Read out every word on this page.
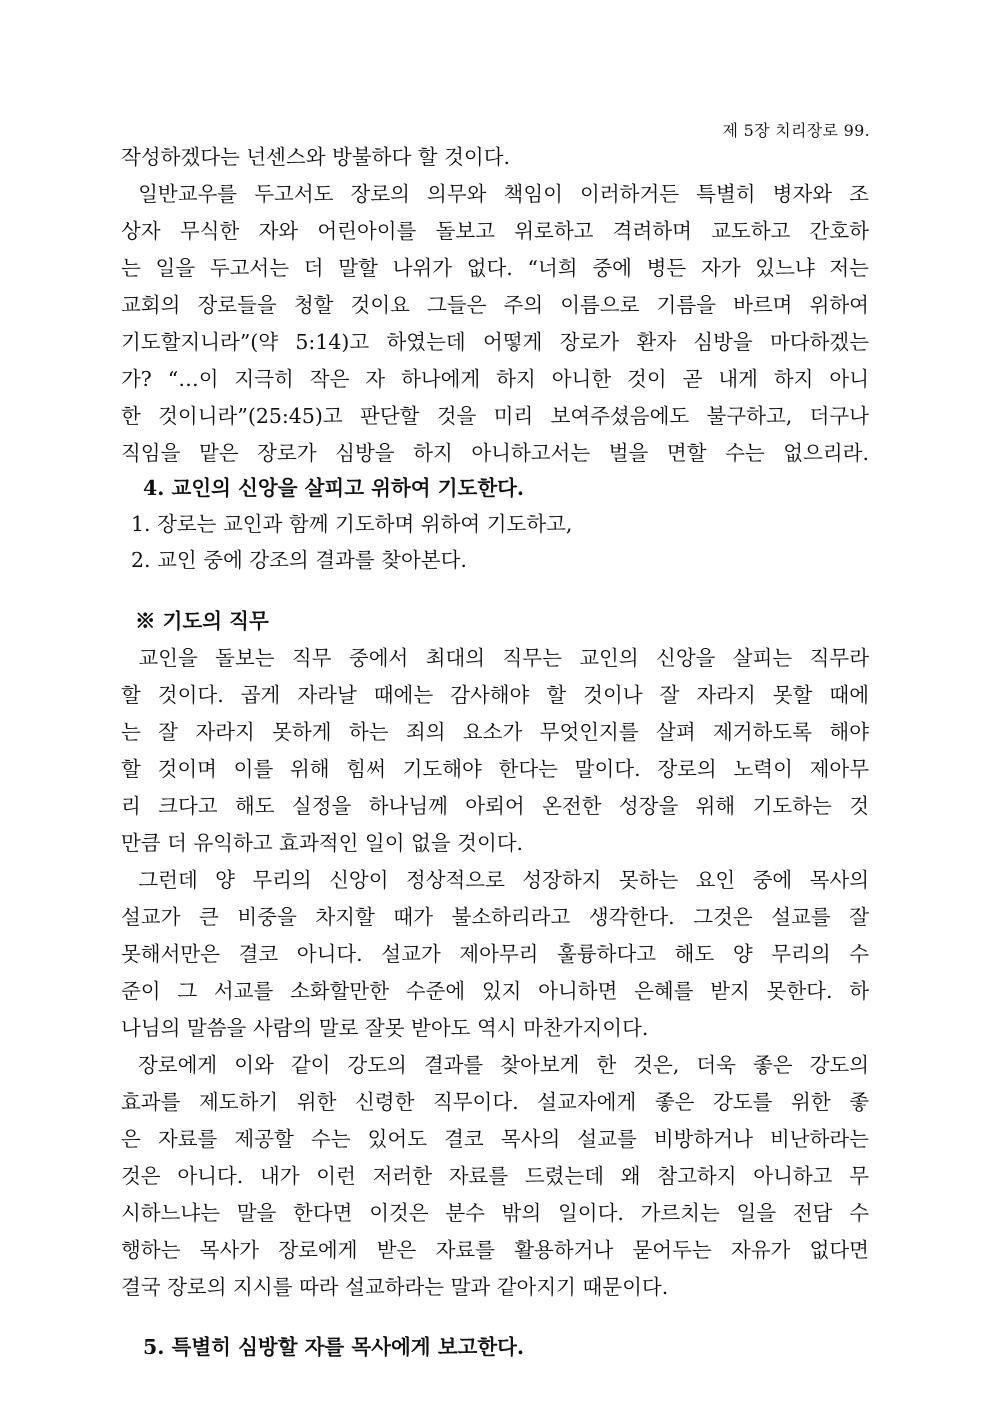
제 5장 치리장로 99.
작성하겠다는 넌센스와 방불하다 할 것이다.
일반교우를 두고서도 장로의 의무와 책임이 이러하거든 특별히 병자와 조
상자 무식한 자와 어린아이를 돌보고 위로하고 격려하며 교도하고 간호하
는 일을 두고서는 더 말할 나위가 없다. “너희 중에 병든 자가 있느냐 저는
교회의 장로들을 청할 것이요 그들은 주의 이름으로 기름을 바르며 위하여
기도할지니라”(약 5:14)고 하였는데 어떻게 장로가 환자 심방을 마다하겠는
가? “…이 지극히 작은 자 하나에게 하지 아니한 것이 곧 내게 하지 아니
한 것이니라”(25:45)고 판단할 것을 미리 보여주셨음에도 불구하고, 더구나
직임을 맡은 장로가 심방을 하지 아니하고서는 벌을 면할 수는 없으리라.
4. 교인의 신앙을 살피고 위하여 기도한다.
1. 장로는 교인과 함께 기도하며 위하여 기도하고,
2. 교인 중에 강조의 결과를 찾아본다.
※ 기도의 직무
교인을 돌보는 직무 중에서 최대의 직무는 교인의 신앙을 살피는 직무라
할 것이다. 곱게 자라날 때에는 감사해야 할 것이나 잘 자라지 못할 때에
는 잘 자라지 못하게 하는 죄의 요소가 무엇인지를 살펴 제거하도록 해야
할 것이며 이를 위해 힘써 기도해야 한다는 말이다. 장로의 노력이 제아무
리 크다고 해도 실정을 하나님께 아뢰어 온전한 성장을 위해 기도하는 것
만큼 더 유익하고 효과적인 일이 없을 것이다.
그런데 양 무리의 신앙이 정상적으로 성장하지 못하는 요인 중에 목사의
설교가 큰 비중을 차지할 때가 불소하리라고 생각한다. 그것은 설교를 잘
못해서만은 결코 아니다. 설교가 제아무리 훌륭하다고 해도 양 무리의 수
준이 그 서교를 소화할만한 수준에 있지 아니하면 은혜를 받지 못한다. 하
나님의 말씀을 사람의 말로 잘못 받아도 역시 마찬가지이다.
장로에게 이와 같이 강도의 결과를 찾아보게 한 것은, 더욱 좋은 강도의
효과를 제도하기 위한 신령한 직무이다. 설교자에게 좋은 강도를 위한 좋
은 자료를 제공할 수는 있어도 결코 목사의 설교를 비방하거나 비난하라는
것은 아니다. 내가 이런 저러한 자료를 드렸는데 왜 참고하지 아니하고 무
시하느냐는 말을 한다면 이것은 분수 밖의 일이다. 가르치는 일을 전담 수
행하는 목사가 장로에게 받은 자료를 활용하거나 묻어두는 자유가 없다면
결국 장로의 지시를 따라 설교하라는 말과 같아지기 때문이다.
5. 특별히 심방할 자를 목사에게 보고한다.
